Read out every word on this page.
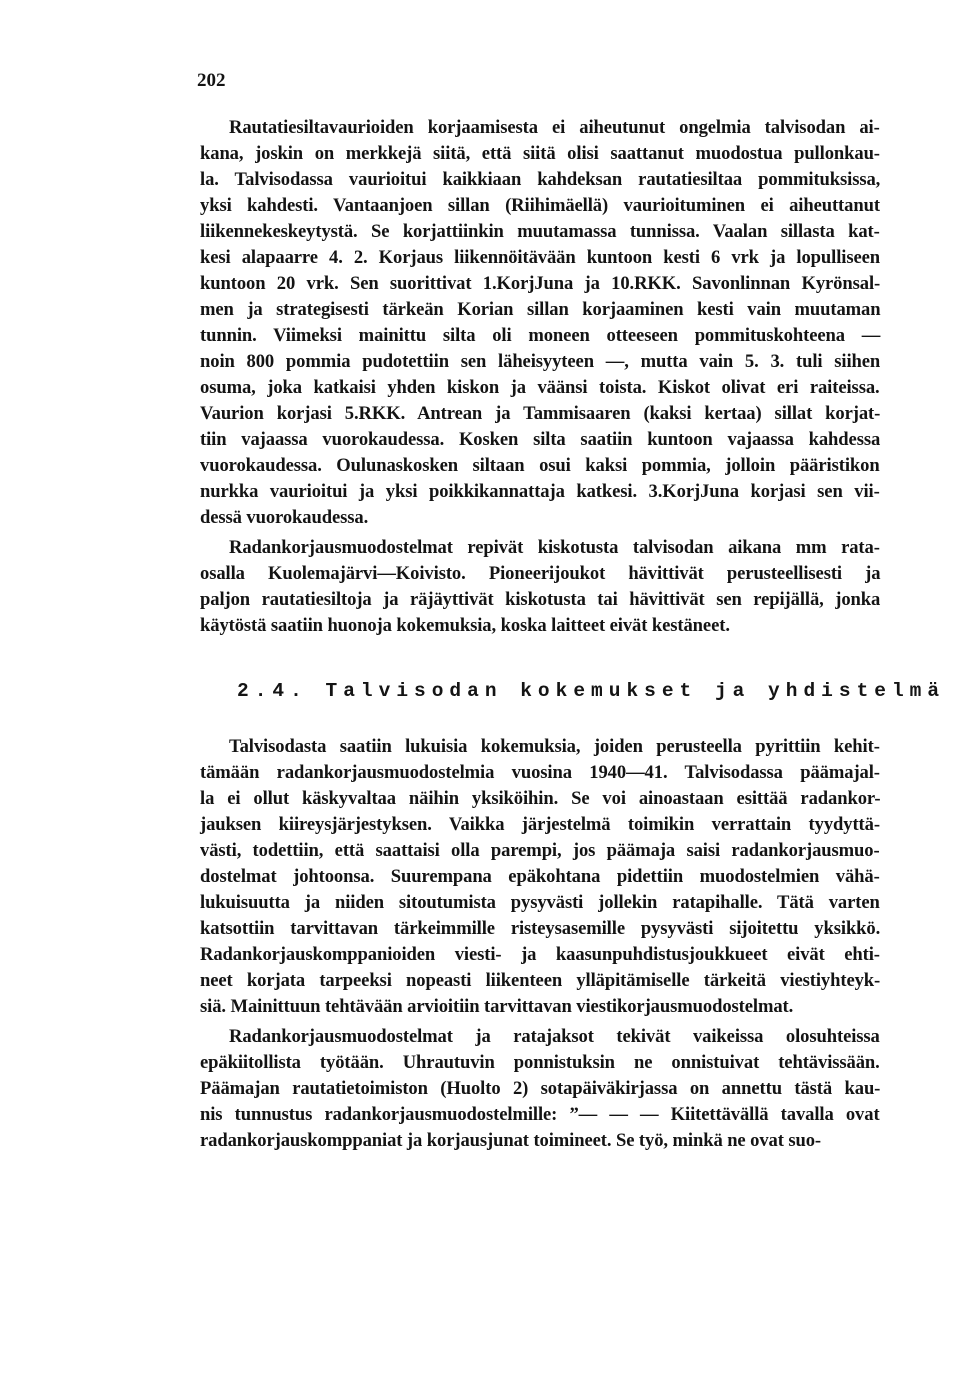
202
Rautatiesiltavaurioiden korjaamisesta ei aiheutunut ongelmia talvisodan ai-
kana, joskin on merkkejä siitä, että siitä olisi saattanut muodostua pullonkau-
la. Talvisodassa vaurioitui kaikkiaan kahdeksan rautatiesiltaa pommituksissa,
yksi kahdesti. Vantaanjoen sillan (Riihimäellä) vaurioituminen ei aiheuttanut
liikennekeskeytystä. Se korjattiinkin muutamassa tunnissa. Vaalan sillasta kat-
kesi alapaarre 4. 2. Korjaus liikennöitävään kuntoon kesti 6 vrk ja lopulliseen
kuntoon 20 vrk. Sen suorittivat 1.KorjJuna ja 10.RKK. Savonlinnan Kyrönsal-
men ja strategisesti tärkeän Korian sillan korjaaminen kesti vain muutaman
tunnin. Viimeksi mainittu silta oli moneen otteeseen pommituskohteena —
noin 800 pommia pudotettiin sen läheisyyteen —, mutta vain 5. 3. tuli siihen
osuma, joka katkaisi yhden kiskon ja väänsi toista. Kiskot olivat eri raiteissa.
Vaurion korjasi 5.RKK. Antrean ja Tammisaaren (kaksi kertaa) sillat korjat-
tiin vajaassa vuorokaudessa. Kosken silta saatiin kuntoon vajaassa kahdessa
vuorokaudessa. Oulunaskosken siltaan osui kaksi pommia, jolloin pääristikon
nurkka vaurioitui ja yksi poikkikannattaja katkesi. 3.KorjJuna korjasi sen vii-
dessä vuorokaudessa.
Radankorjausmuodostelmat repivät kiskotusta talvisodan aikana mm rata-
osalla Kuolemajärvi—Koivisto. Pioneerijoukot hävittivät perusteellisesti ja
paljon rautatiesiltoja ja räjäyttivät kiskotusta tai hävittivät sen repijällä, jonka
käytöstä saatiin huonoja kokemuksia, koska laitteet eivät kestäneet.
2.4. Talvisodan kokemukset ja yhdistelmä
Talvisodasta saatiin lukuisia kokemuksia, joiden perusteella pyrittiin kehit-
tämään radankorjausmuodostelmia vuosina 1940—41. Talvisodassa päämajal-
la ei ollut käskyvaltaa näihin yksiköihin. Se voi ainoastaan esittää radankor-
jauksen kiireysjärjestyksen. Vaikka järjestelmä toimikin verrattain tyydyttä-
västi, todettiin, että saattaisi olla parempi, jos päämaja saisi radankorjausmuo-
dostelmat johtoonsa. Suurempana epäkohtana pidettiin muodostelmien vähä-
lukuisuutta ja niiden sitoutumista pysyvästi jollekin ratapihalle. Tätä varten
katsottiin tarvittavan tärkeimmille risteysasemille pysyvästi sijoitettu yksikkö.
Radankorjauskomppanioiden viesti- ja kaasunpuhdistusjoukkueet eivät ehti-
neet korjata tarpeeksi nopeasti liikenteen ylläpitämiselle tärkeitä viestiyhteyk-
siä. Mainittuun tehtävään arvioitiin tarvittavan viestikorjausmuodostelmat.
Radankorjausmuodostelmat ja ratajaksot tekivät vaikeissa olosuhteissa
epäkiitollista työtään. Uhrautuvin ponnistuksin ne onnistuivat tehtävissään.
Päämajan rautatietoimiston (Huolto 2) sotapäiväkirjassa on annettu tästä kau-
nis tunnustus radankorjausmuodostelmille: ”— — — Kiitettävällä tavalla ovat
radankorjauskomppaniat ja korjausjunat toimineet. Se työ, minkä ne ovat suo-
